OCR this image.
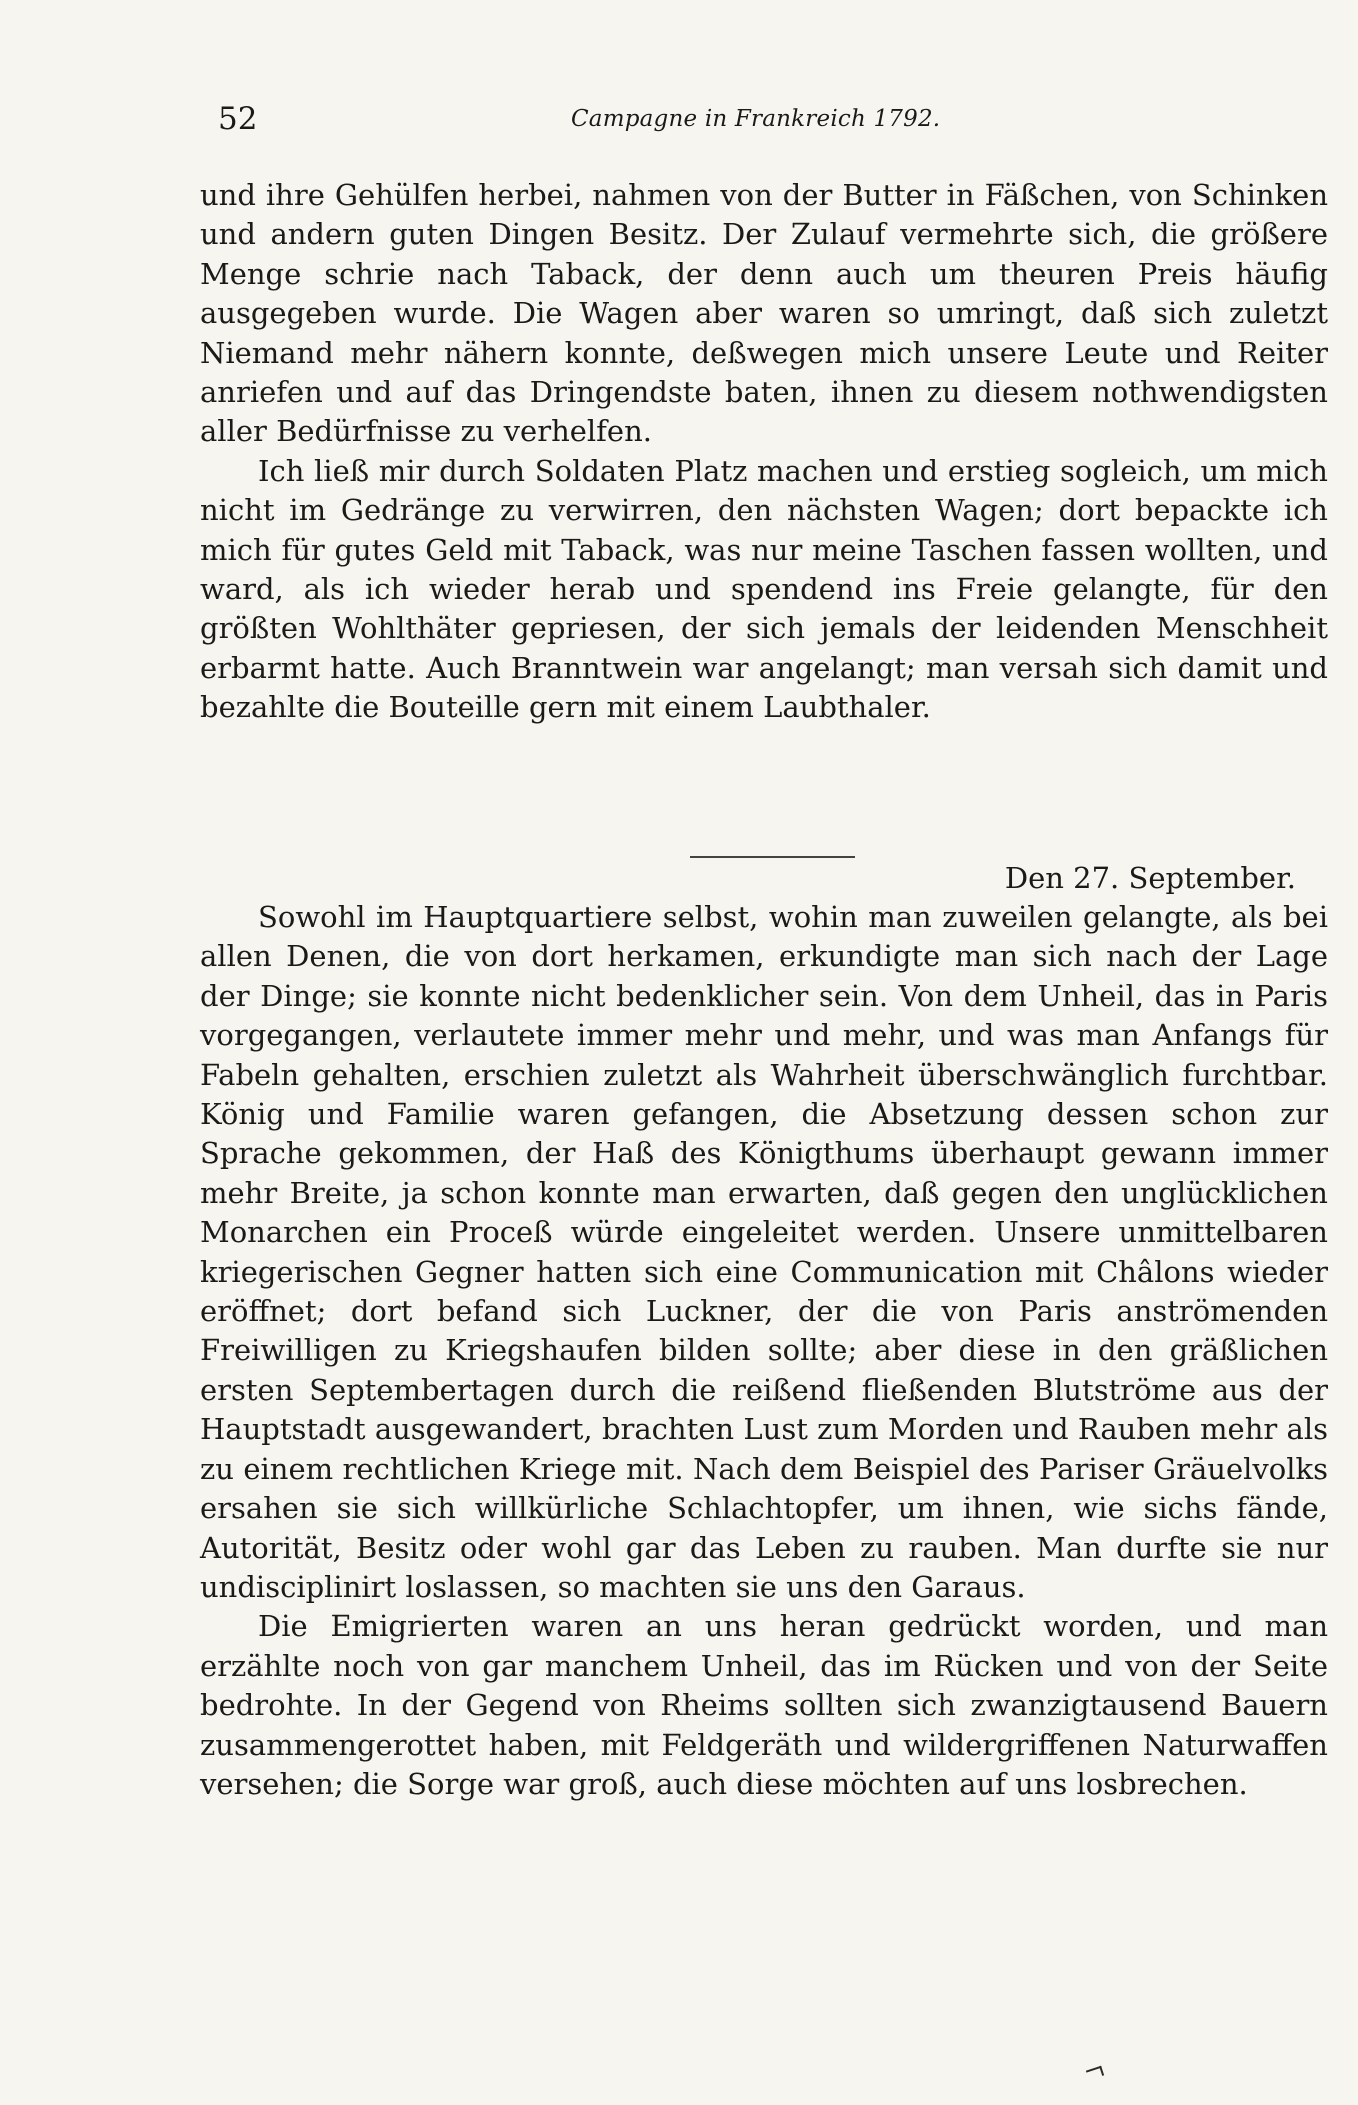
52	Campagne in Frankreich 1792.

und ihre Gehülfen herbei, nahmen von der Butter in Fäßchen, von Schinken und andern guten Dingen Besitz. Der Zulauf vermehrte sich, die größere Menge schrie nach Taback, der denn auch um theuren Preis häufig ausgegeben wurde. Die Wagen aber waren so umringt, daß sich zuletzt Niemand mehr nähern konnte, deßwegen mich unsere Leute und Reiter anriefen und auf das Dringendste baten, ihnen zu diesem nothwendigsten aller Bedürfnisse zu verhelfen.

Ich ließ mir durch Soldaten Platz machen und erstieg sogleich, um mich nicht im Gedränge zu verwirren, den nächsten Wagen; dort bepackte ich mich für gutes Geld mit Taback, was nur meine Taschen fassen wollten, und ward, als ich wieder herab und spendend ins Freie gelangte, für den größten Wohlthäter gepriesen, der sich jemals der leidenden Menschheit erbarmt hatte. Auch Branntwein war angelangt; man versah sich damit und bezahlte die Bouteille gern mit einem Laubthaler.

Den 27. September.

Sowohl im Hauptquartiere selbst, wohin man zuweilen gelangte, als bei allen Denen, die von dort herkamen, erkundigte man sich nach der Lage der Dinge; sie konnte nicht bedenklicher sein. Von dem Unheil, das in Paris vorgegangen, verlautete immer mehr und mehr, und was man Anfangs für Fabeln gehalten, erschien zuletzt als Wahrheit überschwänglich furchtbar. König und Familie waren gefangen, die Absetzung dessen schon zur Sprache gekommen, der Haß des Königthums überhaupt gewann immer mehr Breite, ja schon konnte man erwarten, daß gegen den unglücklichen Monarchen ein Proceß würde eingeleitet werden. Unsere unmittelbaren kriegerischen Gegner hatten sich eine Communication mit Châlons wieder eröffnet; dort befand sich Luckner, der die von Paris anströmenden Freiwilligen zu Kriegshaufen bilden sollte; aber diese in den gräßlichen ersten Septembertagen durch die reißend fließenden Blutströme aus der Hauptstadt ausgewandert, brachten Lust zum Morden und Rauben mehr als zu einem rechtlichen Kriege mit. Nach dem Beispiel des Pariser Gräuelvolks ersahen sie sich willkürliche Schlachtopfer, um ihnen, wie sichs fände, Autorität, Besitz oder wohl gar das Leben zu rauben. Man durfte sie nur undisciplinirt loslassen, so machten sie uns den Garaus.

Die Emigrierten waren an uns heran gedrückt worden, und man erzählte noch von gar manchem Unheil, das im Rücken und von der Seite bedrohte. In der Gegend von Rheims sollten sich zwanzigtausend Bauern zusammengerottet haben, mit Feldgeräth und wildergriffenen Naturwaffen versehen; die Sorge war groß, auch diese möchten auf uns losbrechen.
